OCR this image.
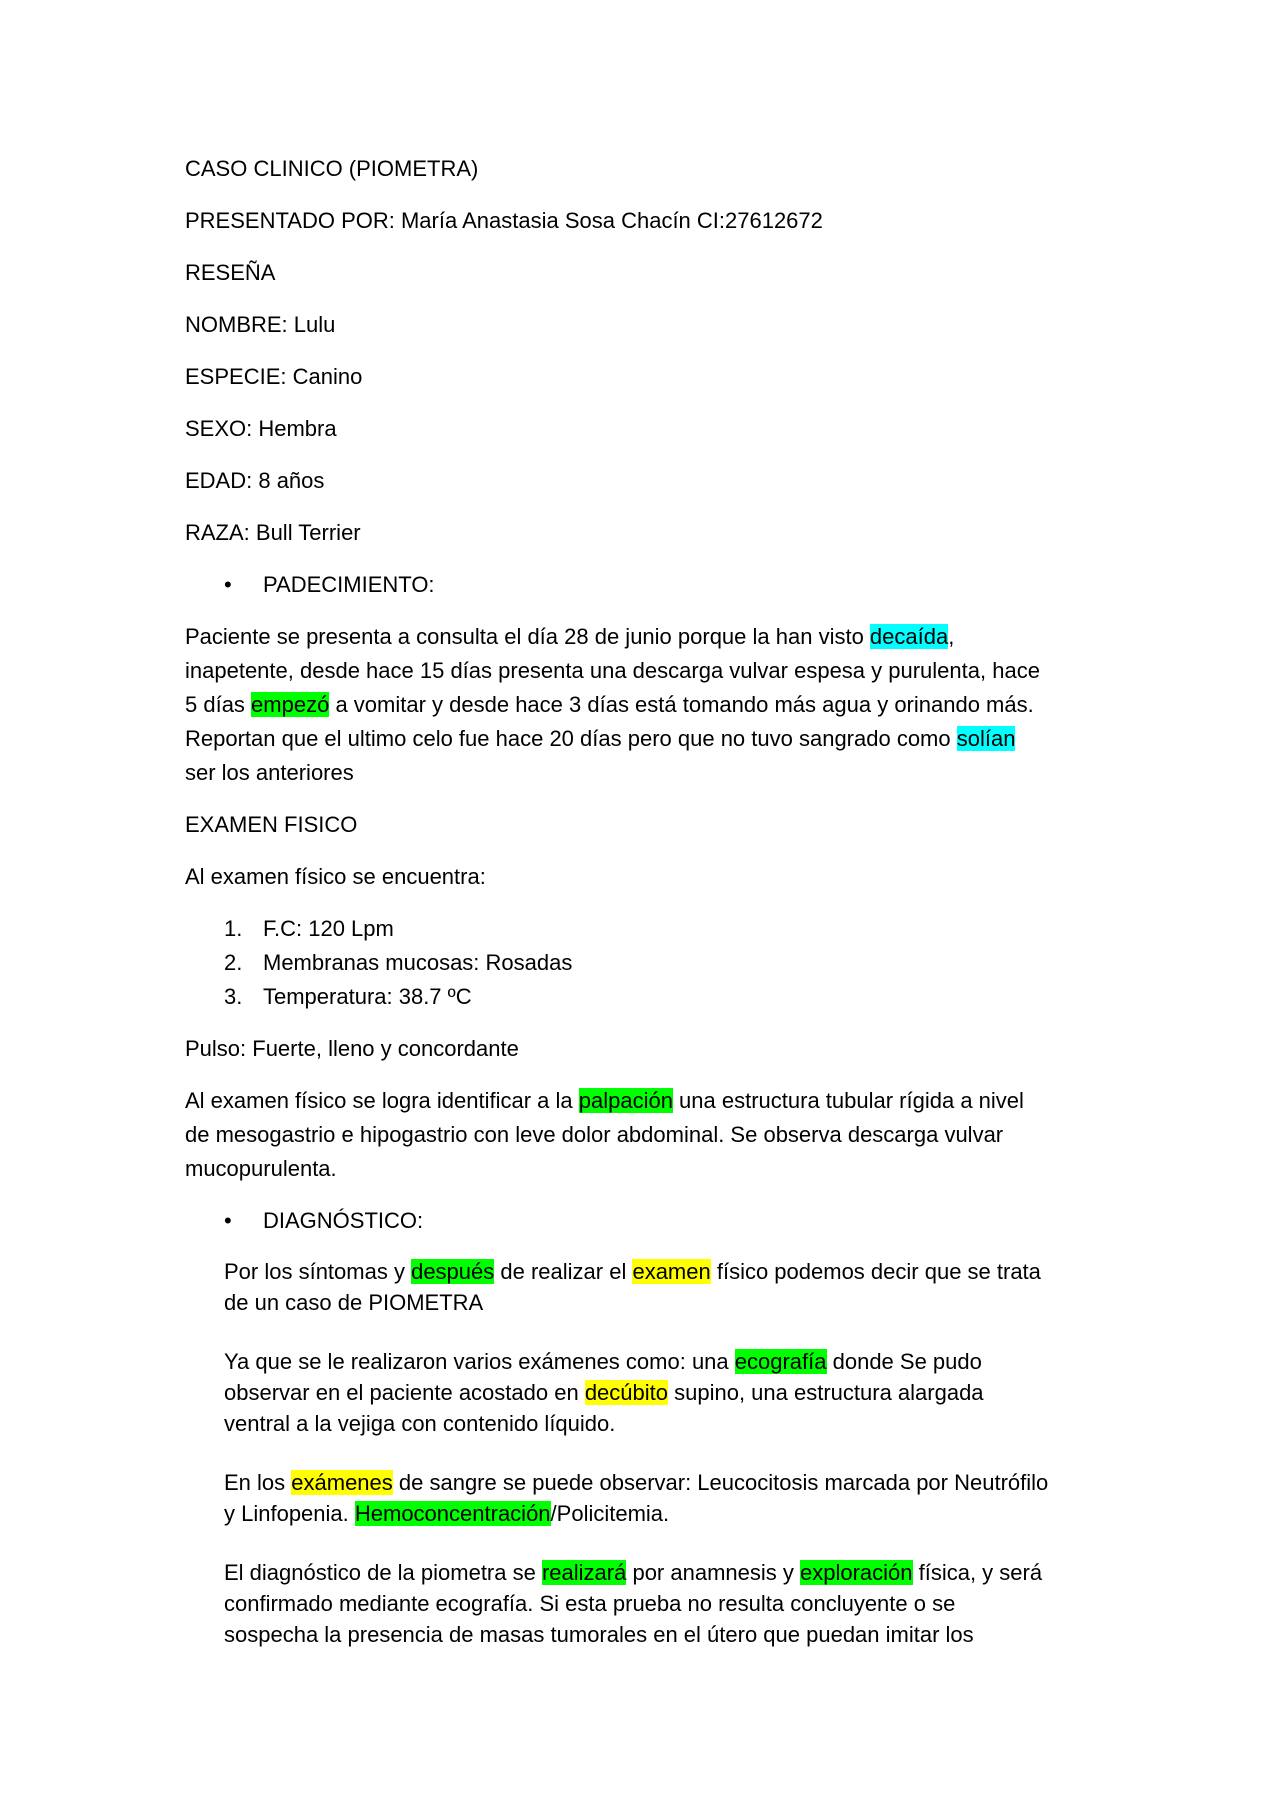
CASO CLINICO (PIOMETRA)

PRESENTADO POR: María Anastasia Sosa Chacín CI:27612672

RESEÑA

NOMBRE: Lulu

ESPECIE: Canino

SEXO: Hembra

EDAD: 8 años

RAZA: Bull Terrier

• PADECIMIENTO:
Paciente se presenta a consulta el día 28 de junio porque la han visto decaída,
inapetente, desde hace 15 días presenta una descarga vulvar espesa y purulenta, hace
5 días empezó a vomitar y desde hace 3 días está tomando más agua y orinando más.
Reportan que el ultimo celo fue hace 20 días pero que no tuvo sangrado como solían
ser los anteriores

EXAMEN FISICO

Al examen físico se encuentra:

1. F.C: 120 Lpm
2. Membranas mucosas: Rosadas
3. Temperatura: 38.7 ºC

Pulso: Fuerte, lleno y concordante

Al examen físico se logra identificar a la palpación una estructura tubular rígida a nivel
de mesogastrio e hipogastrio con leve dolor abdominal. Se observa descarga vulvar
mucopurulenta.
• DIAGNÓSTICO:
Por los síntomas y después de realizar el examen físico podemos decir que se trata
de un caso de PIOMETRA
Ya que se le realizaron varios exámenes como: una ecografía donde Se pudo
observar en el paciente acostado en decúbito supino, una estructura alargada
ventral a la vejiga con contenido líquido.
En los exámenes de sangre se puede observar: Leucocitosis marcada por Neutrófilo
y Linfopenia. Hemoconcentración/Policitemia.
El diagnóstico de la piometra se realizará por anamnesis y exploración física, y será
confirmado mediante ecografía. Si esta prueba no resulta concluyente o se
sospecha la presencia de masas tumorales en el útero que puedan imitar los
